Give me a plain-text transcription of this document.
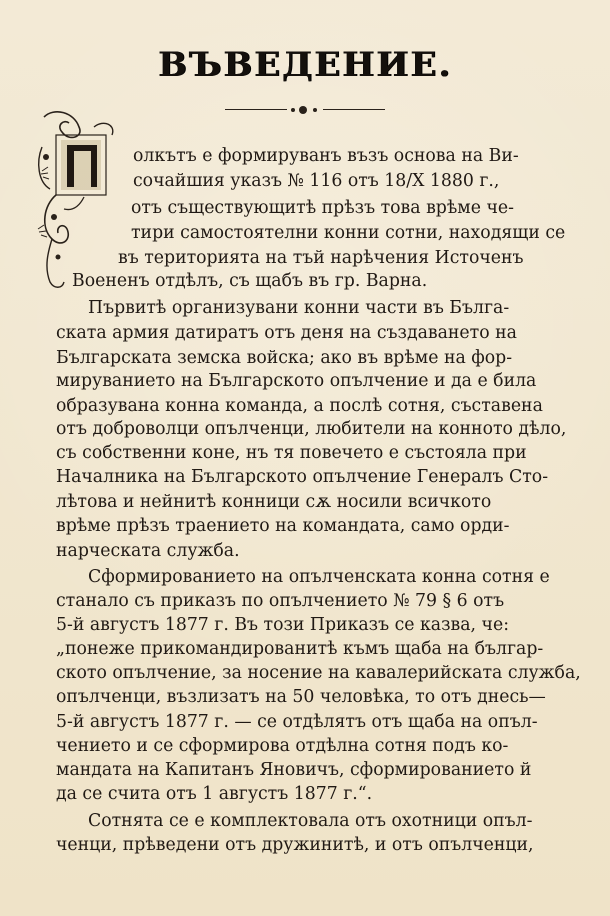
ВЪВЕДЕНИЕ.
олкътъ е формируванъ възъ основа на Ви-
сочайшия указъ № 116 отъ 18/Х 1880 г.,
отъ съществующитѣ прѣзъ това врѣме че-
тири самостоятелни конни сотни, находящи се
въ територията на тъй нарѣчения Источенъ
Воененъ отдѣлъ, съ щабъ въ гр. Варна.
Първитѣ организувани конни части въ Бълга-
ската армия датиратъ отъ деня на създаването на
Българската земска войска; ако въ врѣме на фор-
мируванието на Българското опълчение и да е била
образувана конна команда, а послѣ сотня, съставена
отъ доброволци опълченци, любители на конното дѣло,
съ собственни коне, нъ тя повечето е състояла при
Началника на Българското опълчение Генералъ Сто-
лѣтова и нейнитѣ конници сѫ носили всичкото
врѣме прѣзъ траението на командата, само орди-
нарческата служба.
Сформированието на опълченската конна сотня е
станало съ приказъ по опълчението № 79 § 6 отъ
5-й августъ 1877 г. Въ този Приказъ се казва, че:
„понеже прикомандированитѣ къмъ щаба на българ-
ското опълчение, за носение на кавалерийската служба,
опълченци, възлизатъ на 50 человѣка, то отъ днесь—
5-й августъ 1877 г. — се отдѣлятъ отъ щаба на опъл-
чението и се сформирова отдѣлна сотня подъ ко-
мандата на Капитанъ Яновичъ, сформированието й
да се счита отъ 1 августъ 1877 г.“.
Сотнята се е комплектовала отъ охотници опъл-
ченци, прѣведени отъ дружинитѣ, и отъ опълченци,
